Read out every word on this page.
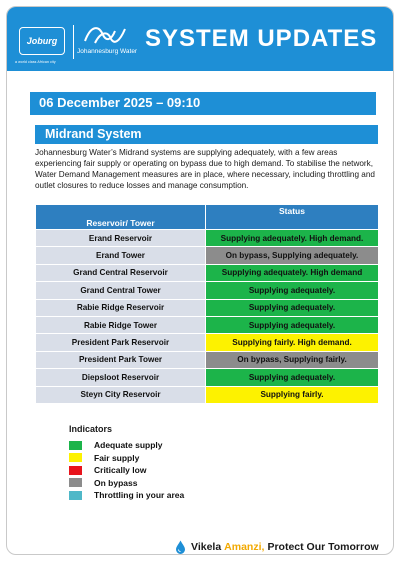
Joburg
a world class African city
Johannesburg Water SYSTEM UPDATES
06 December 2025 – 09:10
Midrand System

Johannesburg Water’s Midrand systems are supplying adequately, with a few areas experiencing fair supply or operating on bypass due to high demand. To stabilise the network, Water Demand Management measures are in place, where necessary, including throttling and outlet closures to reduce losses and manage consumption.

Reservoir/ Tower	Status
Erand Reservoir	Supplying adequately. High demand.
Erand Tower	On bypass, Supplying adequately.
Grand Central Reservoir	Supplying adequately. High demand
Grand Central Tower	Supplying adequately.
Rabie Ridge Reservoir	Supplying adequately.
Rabie Ridge Tower	Supplying adequately.
President Park Reservoir	Supplying fairly. High demand.
President Park Tower	On bypass, Supplying fairly.
Diepsloot Reservoir	Supplying adequately.
Steyn City Reservoir	Supplying fairly.
Indicators
Adequate supply
Fair supply
Critically low
On bypass
Throttling in your area
Vikela Amanzi, Protect Our Tomorrow
